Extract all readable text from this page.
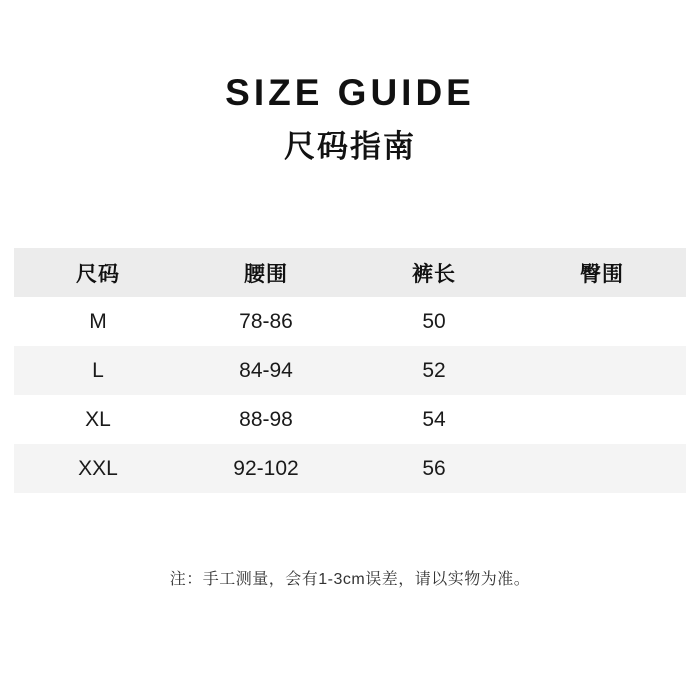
SIZE GUIDE
尺码指南
尺码	腰围	裤长	臀围
M	78-86	50	
L	84-94	52	
XL	88-98	54	
XXL	92-102	56	
注：手工测量，会有1-3cm误差，请以实物为准。
